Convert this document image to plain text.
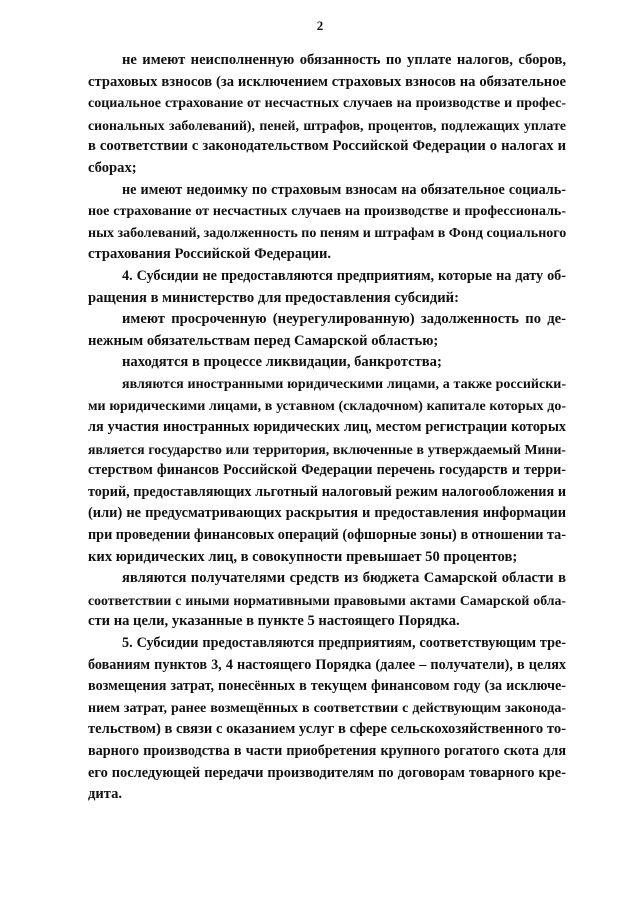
2
не имеют неисполненную обязанность по уплате налогов, сборов,
страховых взносов (за исключением страховых взносов на обязательное
социальное страхование от несчастных случаев на производстве и профес-
сиональных заболеваний), пеней, штрафов, процентов, подлежащих уплате
в соответствии с законодательством Российской Федерации о налогах и
сборах;
не имеют недоимку по страховым взносам на обязательное социаль-
ное страхование от несчастных случаев на производстве и профессиональ-
ных заболеваний, задолженность по пеням и штрафам в Фонд социального
страхования Российской Федерации.
4. Субсидии не предоставляются предприятиям, которые на дату об-
ращения в министерство для предоставления субсидий:
имеют просроченную (неурегулированную) задолженность по де-
нежным обязательствам перед Самарской областью;
находятся в процессе ликвидации, банкротства;
являются иностранными юридическими лицами, а также российски-
ми юридическими лицами, в уставном (складочном) капитале которых до-
ля участия иностранных юридических лиц, местом регистрации которых
является государство или территория, включенные в утверждаемый Мини-
стерством финансов Российской Федерации перечень государств и терри-
торий, предоставляющих льготный налоговый режим налогообложения и
(или) не предусматривающих раскрытия и предоставления информации
при проведении финансовых операций (офшорные зоны) в отношении та-
ких юридических лиц, в совокупности превышает 50 процентов;
являются получателями средств из бюджета Самарской области в
соответствии с иными нормативными правовыми актами Самарской обла-
сти на цели, указанные в пункте 5 настоящего Порядка.
5. Субсидии предоставляются предприятиям, соответствующим тре-
бованиям пунктов 3, 4 настоящего Порядка (далее – получатели), в целях
возмещения затрат, понесённых в текущем финансовом году (за исключе-
нием затрат, ранее возмещённых в соответствии с действующим законода-
тельством) в связи с оказанием услуг в сфере сельскохозяйственного то-
варного производства в части приобретения крупного рогатого скота для
его последующей передачи производителям по договорам товарного кре-
дита.
